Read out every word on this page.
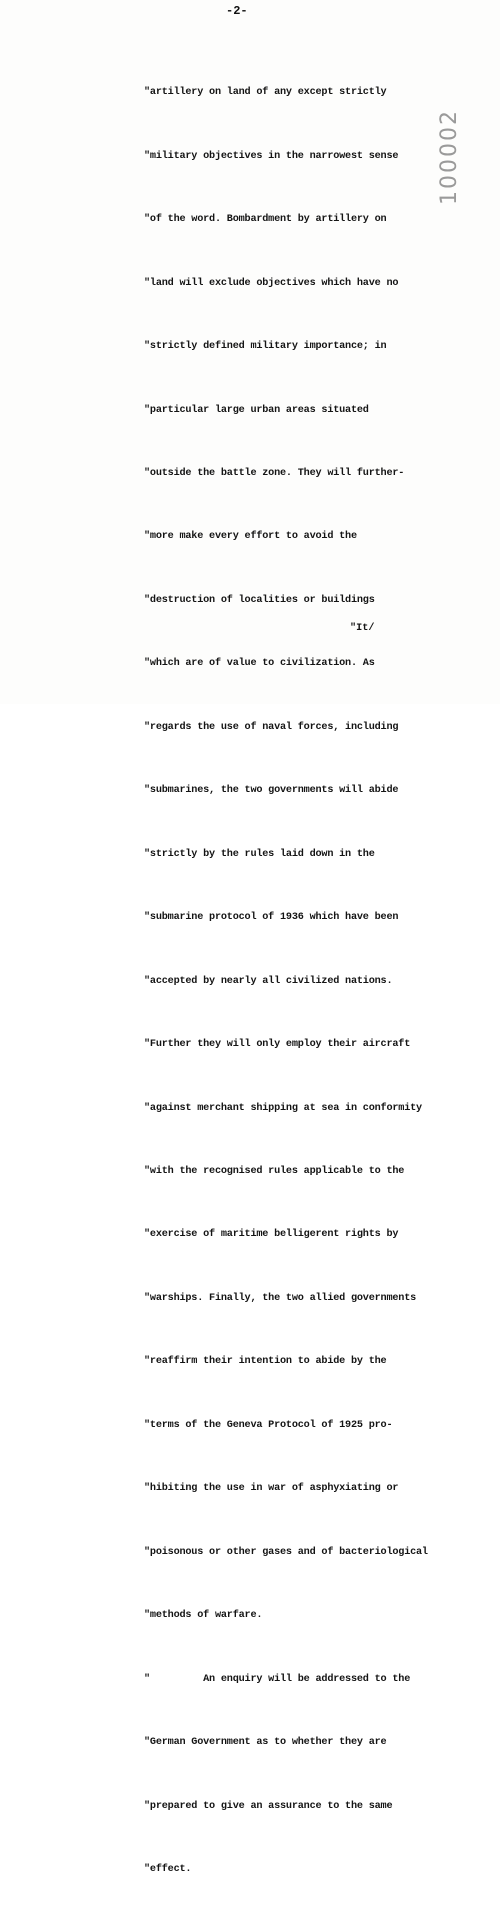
-2-

"artillery on land of any except strictly

"military objectives in the narrowest sense

"of the word. Bombardment by artillery on

"land will exclude objectives which have no

"strictly defined military importance; in

"particular large urban areas situated

"outside the battle zone. They will further-

"more make every effort to avoid the

"destruction of localities or buildings

"which are of value to civilization. As

"regards the use of naval forces, including

"submarines, the two governments will abide

"strictly by the rules laid down in the

"submarine protocol of 1936 which have been

"accepted by nearly all civilized nations.

"Further they will only employ their aircraft

"against merchant shipping at sea in conformity

"with the recognised rules applicable to the

"exercise of maritime belligerent rights by

"warships. Finally, the two allied governments

"reaffirm their intention to abide by the

"terms of the Geneva Protocol of 1925 pro-

"hibiting the use in war of asphyxiating or

"poisonous or other gases and of bacteriological

"methods of warfare.

"         An enquiry will be addressed to the

"German Government as to whether they are

"prepared to give an assurance to the same

"effect.

"It/
100002
